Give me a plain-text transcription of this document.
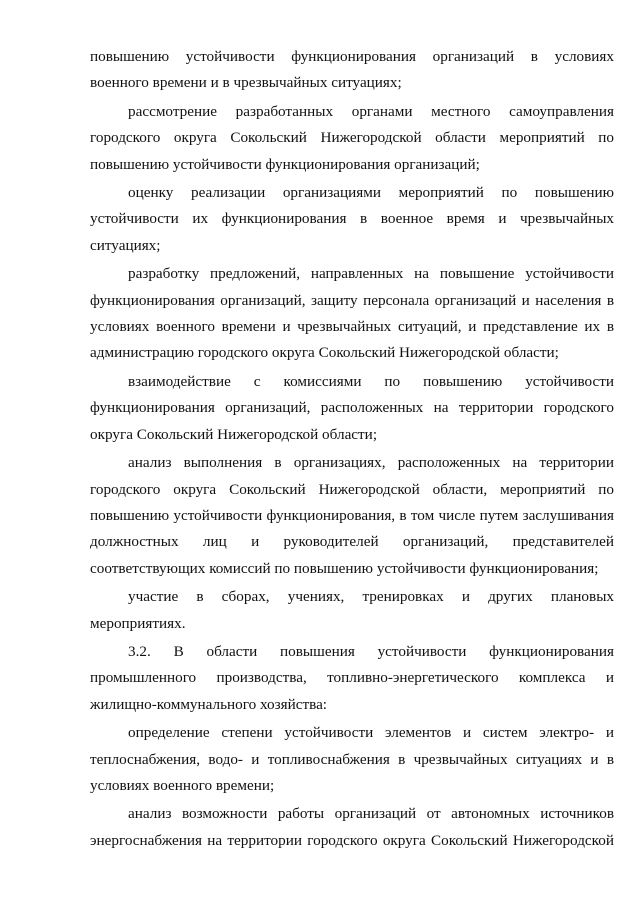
повышению устойчивости функционирования организаций в условиях
военного времени и в чрезвычайных ситуациях;
рассмотрение разработанных органами местного самоуправления
городского округа Сокольский Нижегородской области мероприятий по
повышению устойчивости функционирования организаций;
оценку реализации организациями мероприятий по повышению
устойчивости их функционирования в военное время и чрезвычайных
ситуациях;
разработку предложений, направленных на повышение устойчивости
функционирования организаций, защиту персонала организаций и населения в
условиях военного времени и чрезвычайных ситуаций, и представление их в
администрацию городского округа Сокольский Нижегородской области;
взаимодействие с комиссиями по повышению устойчивости
функционирования организаций, расположенных на территории городского
округа Сокольский Нижегородской области;
анализ выполнения в организациях, расположенных на территории
городского округа Сокольский Нижегородской области, мероприятий по
повышению устойчивости функционирования, в том числе путем заслушивания
должностных лиц и руководителей организаций, представителей
соответствующих комиссий по повышению устойчивости функционирования;
участие в сборах, учениях, тренировках и других плановых
мероприятиях.
3.2. В области повышения устойчивости функционирования
промышленного производства, топливно-энергетического комплекса и
жилищно-коммунального хозяйства:
определение степени устойчивости элементов и систем электро- и
теплоснабжения, водо- и топливоснабжения в чрезвычайных ситуациях и в
условиях военного времени;
анализ возможности работы организаций от автономных источников
энергоснабжения на территории городского округа Сокольский Нижегородской
